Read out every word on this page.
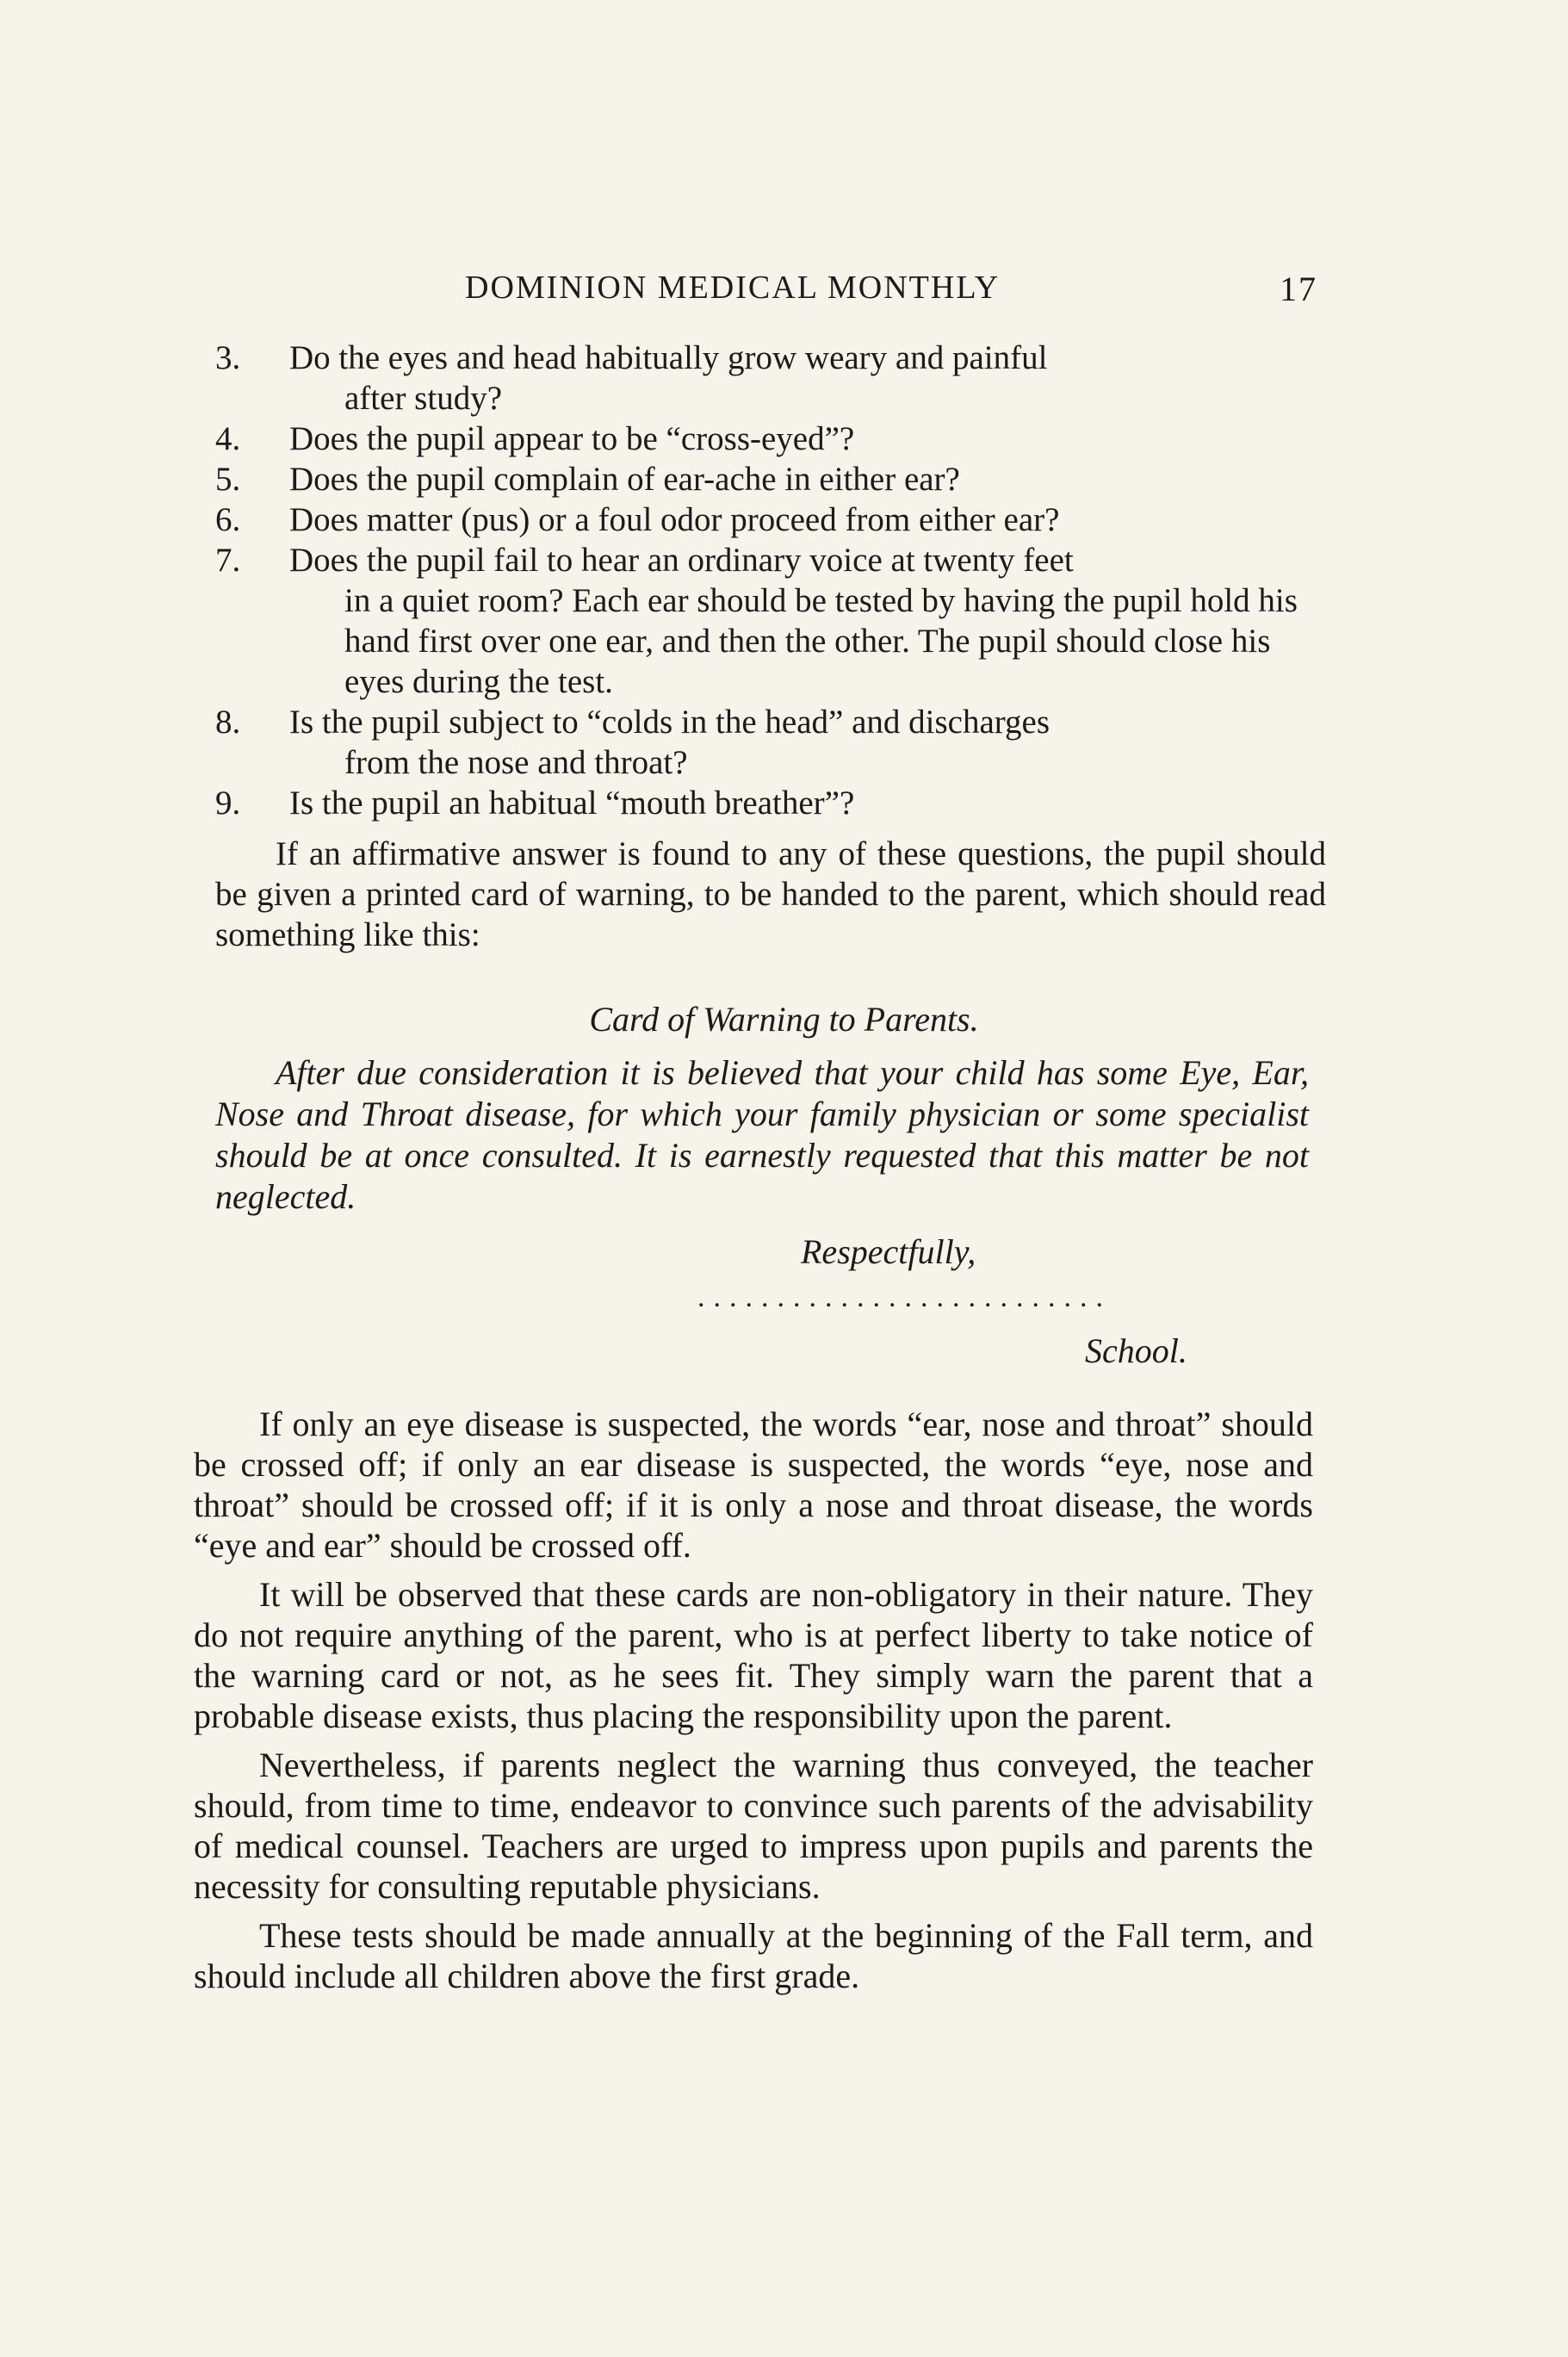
DOMINION MEDICAL MONTHLY	17
3.	Do the eyes and head habitually grow weary and painful
after study?
4.	Does the pupil appear to be “cross-eyed”?
5.	Does the pupil complain of ear-ache in either ear?
6.	Does matter (pus) or a foul odor proceed from either ear?
7.	Does the pupil fail to hear an ordinary voice at twenty feet
in a quiet room? Each ear should be tested by having the pupil hold his hand first over one ear, and then the other. The pupil should close his eyes during the test.
8.	Is the pupil subject to “colds in the head” and discharges
from the nose and throat?
9.	Is the pupil an habitual “mouth breather”?
If an affirmative answer is found to any of these questions, the pupil should be given a printed card of warning, to be handed to the parent, which should read something like this:
Card of Warning to Parents.
After due consideration it is believed that your child has some Eye, Ear, Nose and Throat disease, for which your family physician or some specialist should be at once consulted. It is earnestly requested that this matter be not neglected.
Respectfully,
..........................
School.

If only an eye disease is suspected, the words “ear, nose and throat” should be crossed off; if only an ear disease is suspected, the words “eye, nose and throat” should be crossed off; if it is only a nose and throat disease, the words “eye and ear” should be crossed off.

It will be observed that these cards are non-obligatory in their nature. They do not require anything of the parent, who is at perfect liberty to take notice of the warning card or not, as he sees fit. They simply warn the parent that a probable disease exists, thus placing the responsibility upon the parent.

Nevertheless, if parents neglect the warning thus conveyed, the teacher should, from time to time, endeavor to convince such parents of the advisability of medical counsel. Teachers are urged to impress upon pupils and parents the necessity for consulting reputable physicians.

These tests should be made annually at the beginning of the Fall term, and should include all children above the first grade.
